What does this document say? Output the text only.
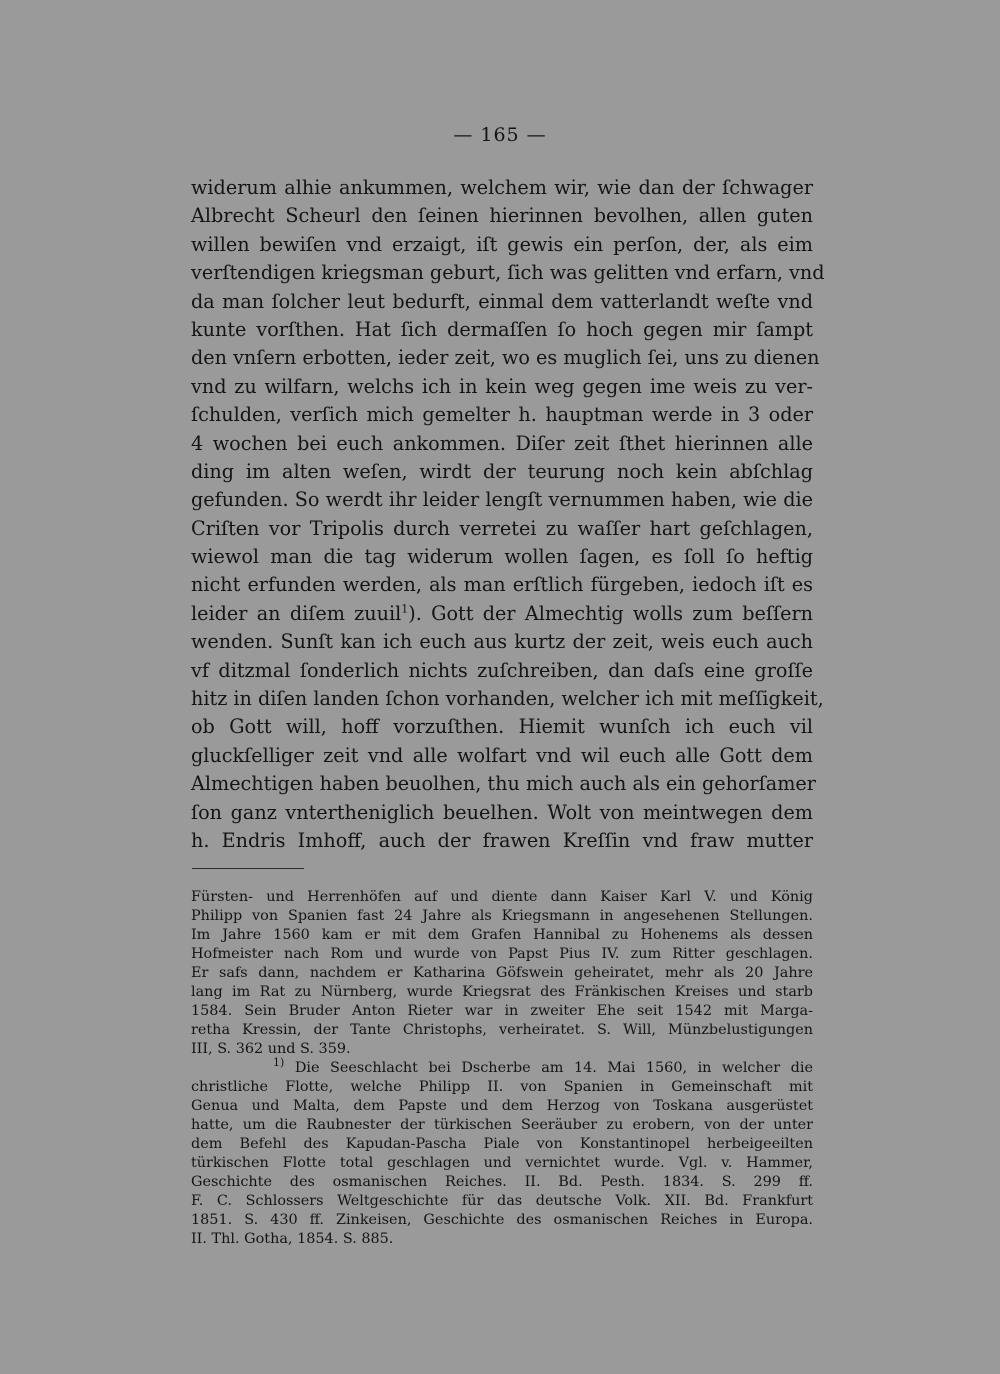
— 165 —
widerum alhie ankummen, welchem wir, wie dan der ſchwager
Albrecht Scheurl den ſeinen hierinnen bevolhen, allen guten
willen bewiſen vnd erzaigt, iſt gewis ein perſon, der, als eim
verſtendigen kriegsman geburt, ſich was gelitten vnd erfarn, vnd
da man ſolcher leut bedurft, einmal dem vatterlandt weſte vnd
kunte vorſthen. Hat ſich dermaſſen ſo hoch gegen mir ſampt
den vnſern erbotten, ieder zeit, wo es muglich ſei, uns zu dienen
vnd zu wilfarn, welchs ich in kein weg gegen ime weis zu ver-
ſchulden, verſich mich gemelter h. hauptman werde in 3 oder
4 wochen bei euch ankommen. Diſer zeit ſthet hierinnen alle
ding im alten weſen, wirdt der teurung noch kein abſchlag
gefunden. So werdt ihr leider lengſt vernummen haben, wie die
Criſten vor Tripolis durch verretei zu waſſer hart geſchlagen,
wiewol man die tag widerum wollen ſagen, es ſoll ſo heftig
nicht erfunden werden, als man erſtlich fürgeben, iedoch iſt es
leider an diſem zuuil$^1$). Gott der Almechtig wolls zum beſſern
wenden. Sunſt kan ich euch aus kurtz der zeit, weis euch auch
vf ditzmal ſonderlich nichts zuſchreiben, dan daſs eine groſſe
hitz in diſen landen ſchon vorhanden, welcher ich mit meſſigkeit,
ob Gott will, hoff vorzuſthen. Hiemit wunſch ich euch vil
gluckſelliger zeit vnd alle wolfart vnd wil euch alle Gott dem
Almechtigen haben beuolhen, thu mich auch als ein gehorſamer
ſon ganz vntertheniglich beuelhen. Wolt von meintwegen dem
h. Endris Imhoff, auch der frawen Kreſſin vnd fraw mutter
Fürsten- und Herrenhöfen auf und diente dann Kaiser Karl V. und König
Philipp von Spanien fast 24 Jahre als Kriegsmann in angesehenen Stellungen.
Im Jahre 1560 kam er mit dem Grafen Hannibal zu Hohenems als dessen
Hofmeister nach Rom und wurde von Papst Pius IV. zum Ritter geschlagen.
Er safs dann, nachdem er Katharina Göfswein geheiratet, mehr als 20 Jahre
lang im Rat zu Nürnberg, wurde Kriegsrat des Fränkischen Kreises und starb
1584. Sein Bruder Anton Rieter war in zweiter Ehe seit 1542 mit Marga-
retha Kressin, der Tante Christophs, verheiratet. S. Will, Münzbelustigungen
III, S. 362 und S. 359.
$^{1)}$ Die Seeschlacht bei Dscherbe am 14. Mai 1560, in welcher die
christliche Flotte, welche Philipp II. von Spanien in Gemeinschaft mit
Genua und Malta, dem Papste und dem Herzog von Toskana ausgerüstet
hatte, um die Raubnester der türkischen Seeräuber zu erobern, von der unter
dem Befehl des Kapudan-Pascha Piale von Konstantinopel herbeigeeilten
türkischen Flotte total geschlagen und vernichtet wurde. Vgl. v. Hammer,
Geschichte des osmanischen Reiches. II. Bd. Pesth. 1834. S. 299 ff.
F. C. Schlossers Weltgeschichte für das deutsche Volk. XII. Bd. Frankfurt
1851. S. 430 ff. Zinkeisen, Geschichte des osmanischen Reiches in Europa.
II. Thl. Gotha, 1854. S. 885.
